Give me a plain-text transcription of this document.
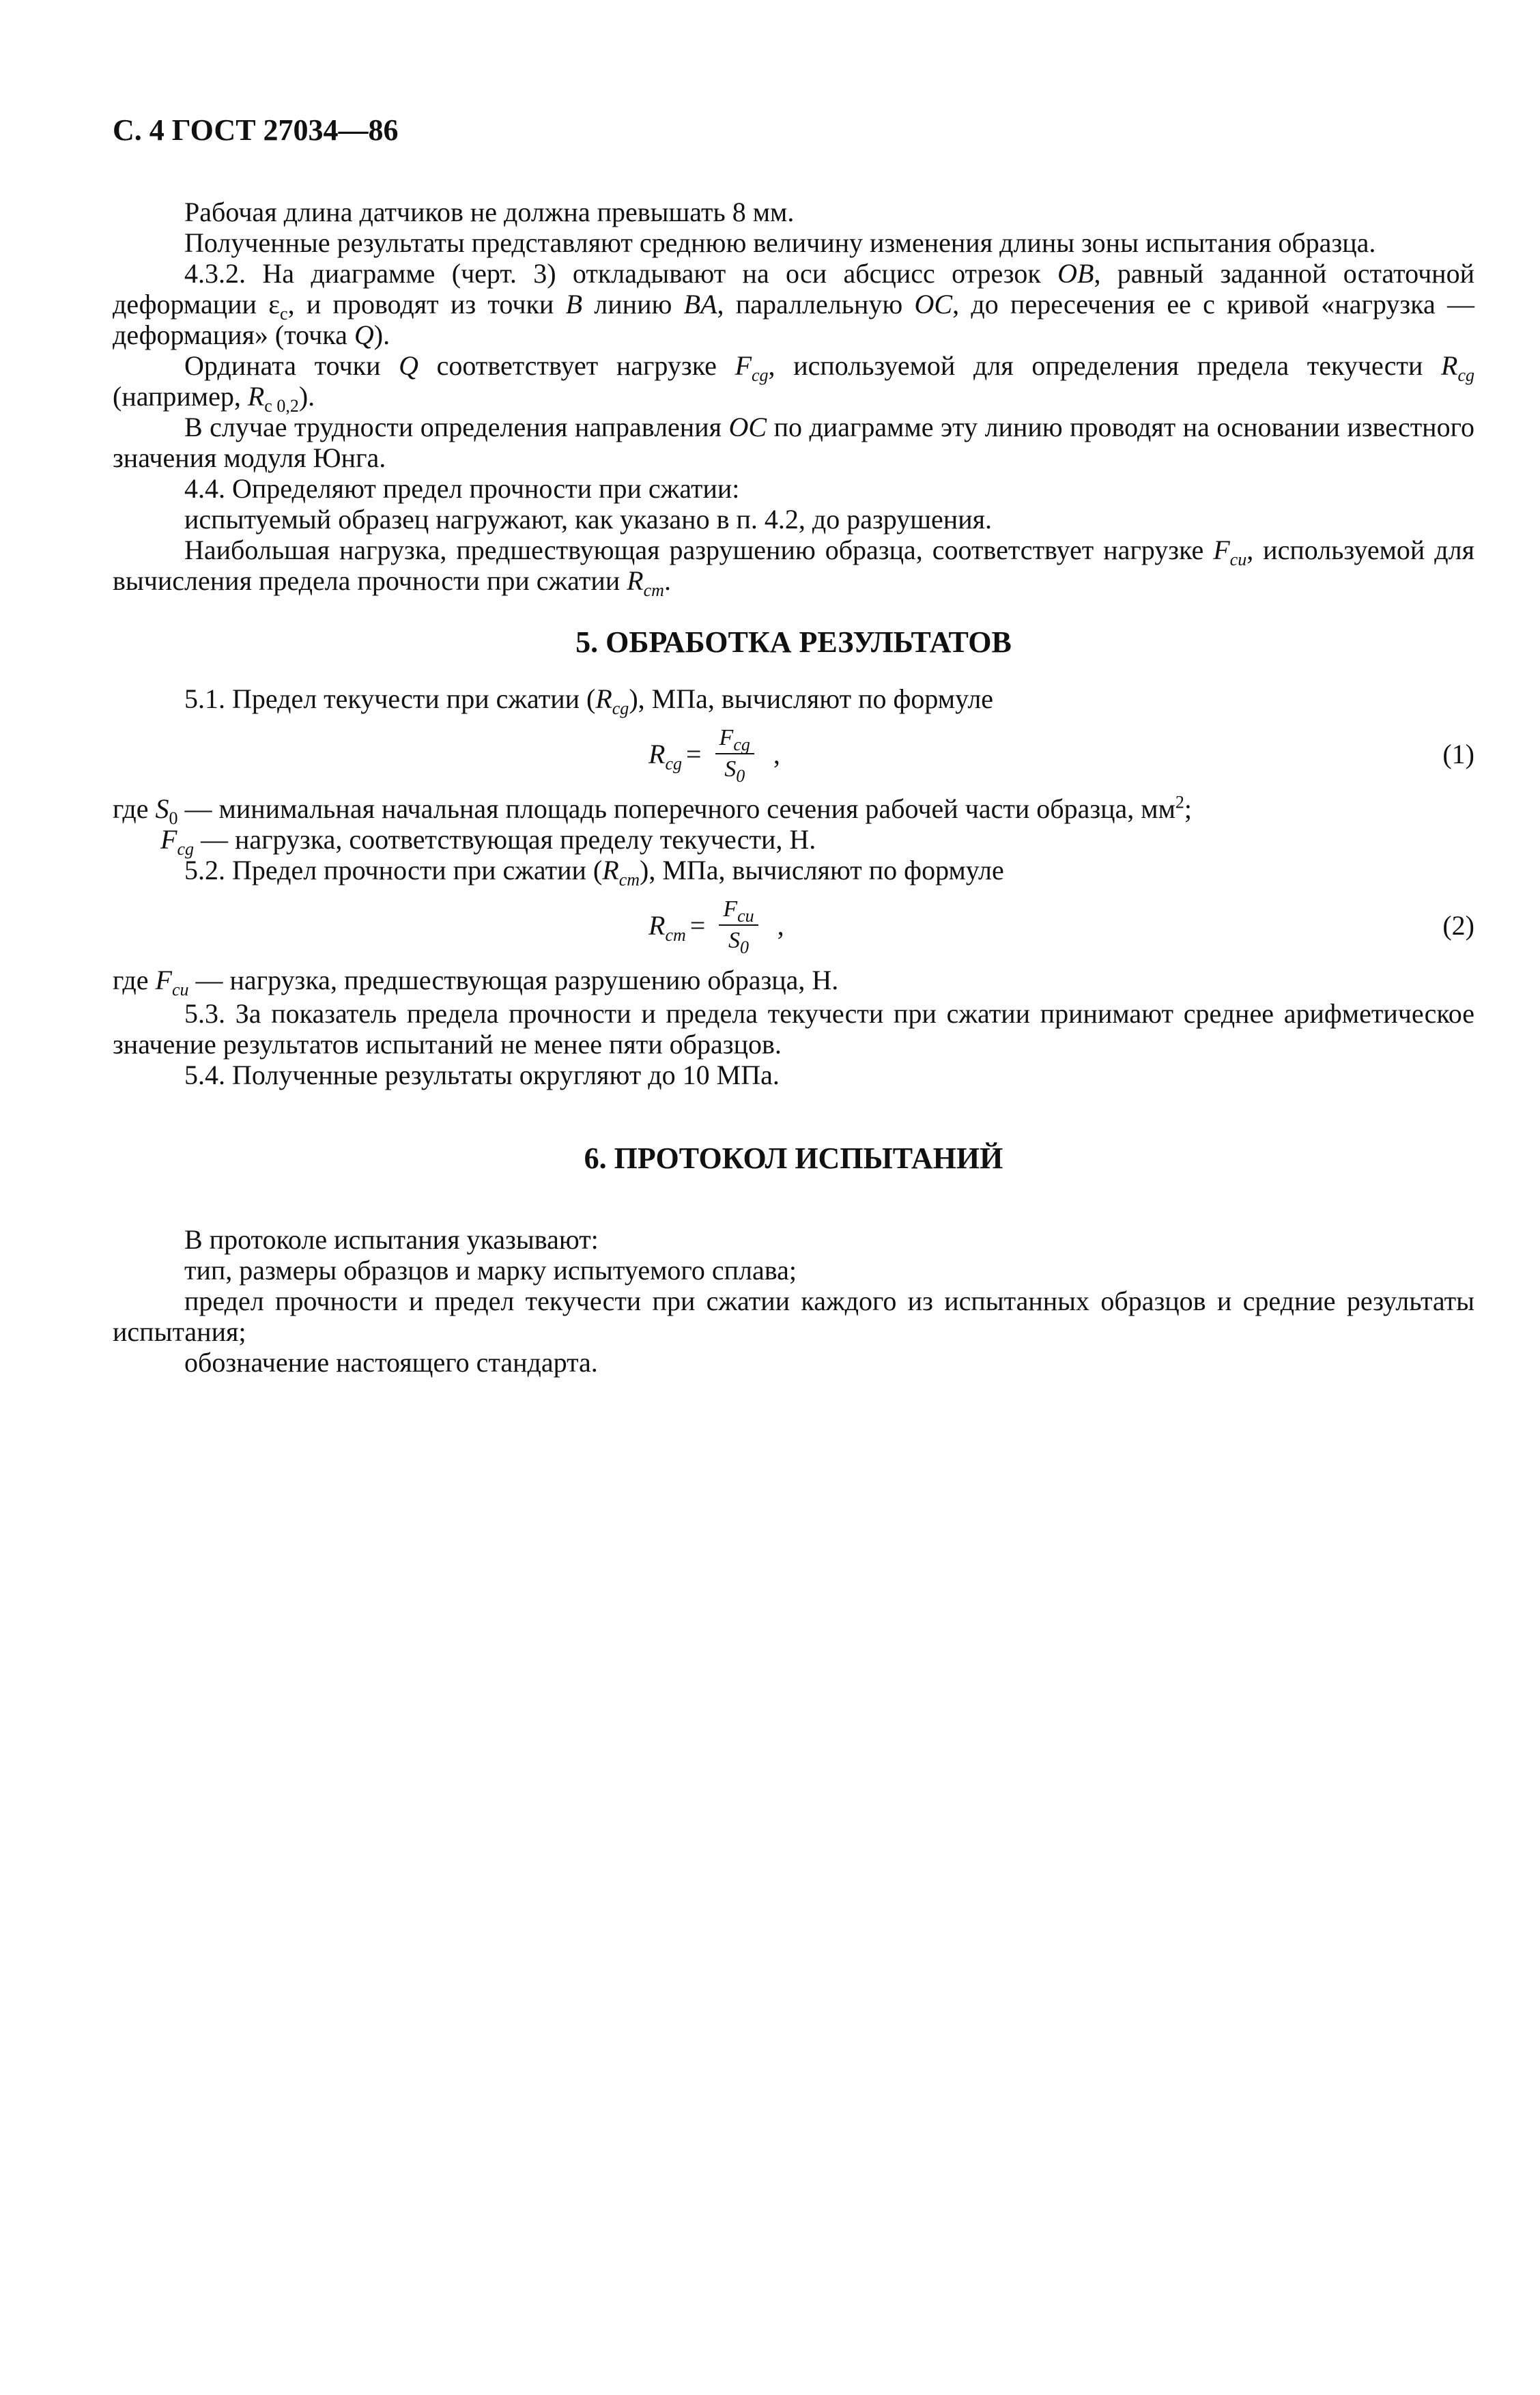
С. 4 ГОСТ 27034—86

Рабочая длина датчиков не должна превышать 8 мм.

Полученные результаты представляют среднюю величину изменения длины зоны испытания образца.

4.3.2. На диаграмме (черт. 3) откладывают на оси абсцисс отрезок OB, равный заданной остаточной деформации $\varepsilon_c$, и проводят из точки B линию BA, параллельную OC, до пересечения ее с кривой «нагрузка — деформация» (точка Q).

Ордината точки Q соответствует нагрузке $F_{cg}$, используемой для определения предела текучести $R_{cg}$ (например, $R_{c 0,2}$).

В случае трудности определения направления OC по диаграмме эту линию проводят на основании известного значения модуля Юнга.

4.4. Определяют предел прочности при сжатии:

испытуемый образец нагружают, как указано в п. 4.2, до разрушения.

Наибольшая нагрузка, предшествующая разрушению образца, соответствует нагрузке $F_{cu}$, используемой для вычисления предела прочности при сжатии $R_{cm}$.

5. ОБРАБОТКА РЕЗУЛЬТАТОВ

5.1. Предел текучести при сжатии $(R_{cg})$, МПа, вычисляют по формуле

$R_{cg} = \frac{F_{cg}}{S_0}$ ,	(1)

где $S_0$ — минимальная начальная площадь поперечного сечения рабочей части образца, $мм^2$;

$F_{cg}$ — нагрузка, соответствующая пределу текучести, Н.

5.2. Предел прочности при сжатии $(R_{cm})$, МПа, вычисляют по формуле

$R_{cm} = \frac{F_{cu}}{S_0}$ ,	(2)

где $F_{cu}$ — нагрузка, предшествующая разрушению образца, Н.

5.3. За показатель предела прочности и предела текучести при сжатии принимают среднее арифметическое значение результатов испытаний не менее пяти образцов.

5.4. Полученные результаты округляют до 10 МПа.

6. ПРОТОКОЛ ИСПЫТАНИЙ

В протоколе испытания указывают:

тип, размеры образцов и марку испытуемого сплава;

предел прочности и предел текучести при сжатии каждого из испытанных образцов и средние результаты испытания;

обозначение настоящего стандарта.
